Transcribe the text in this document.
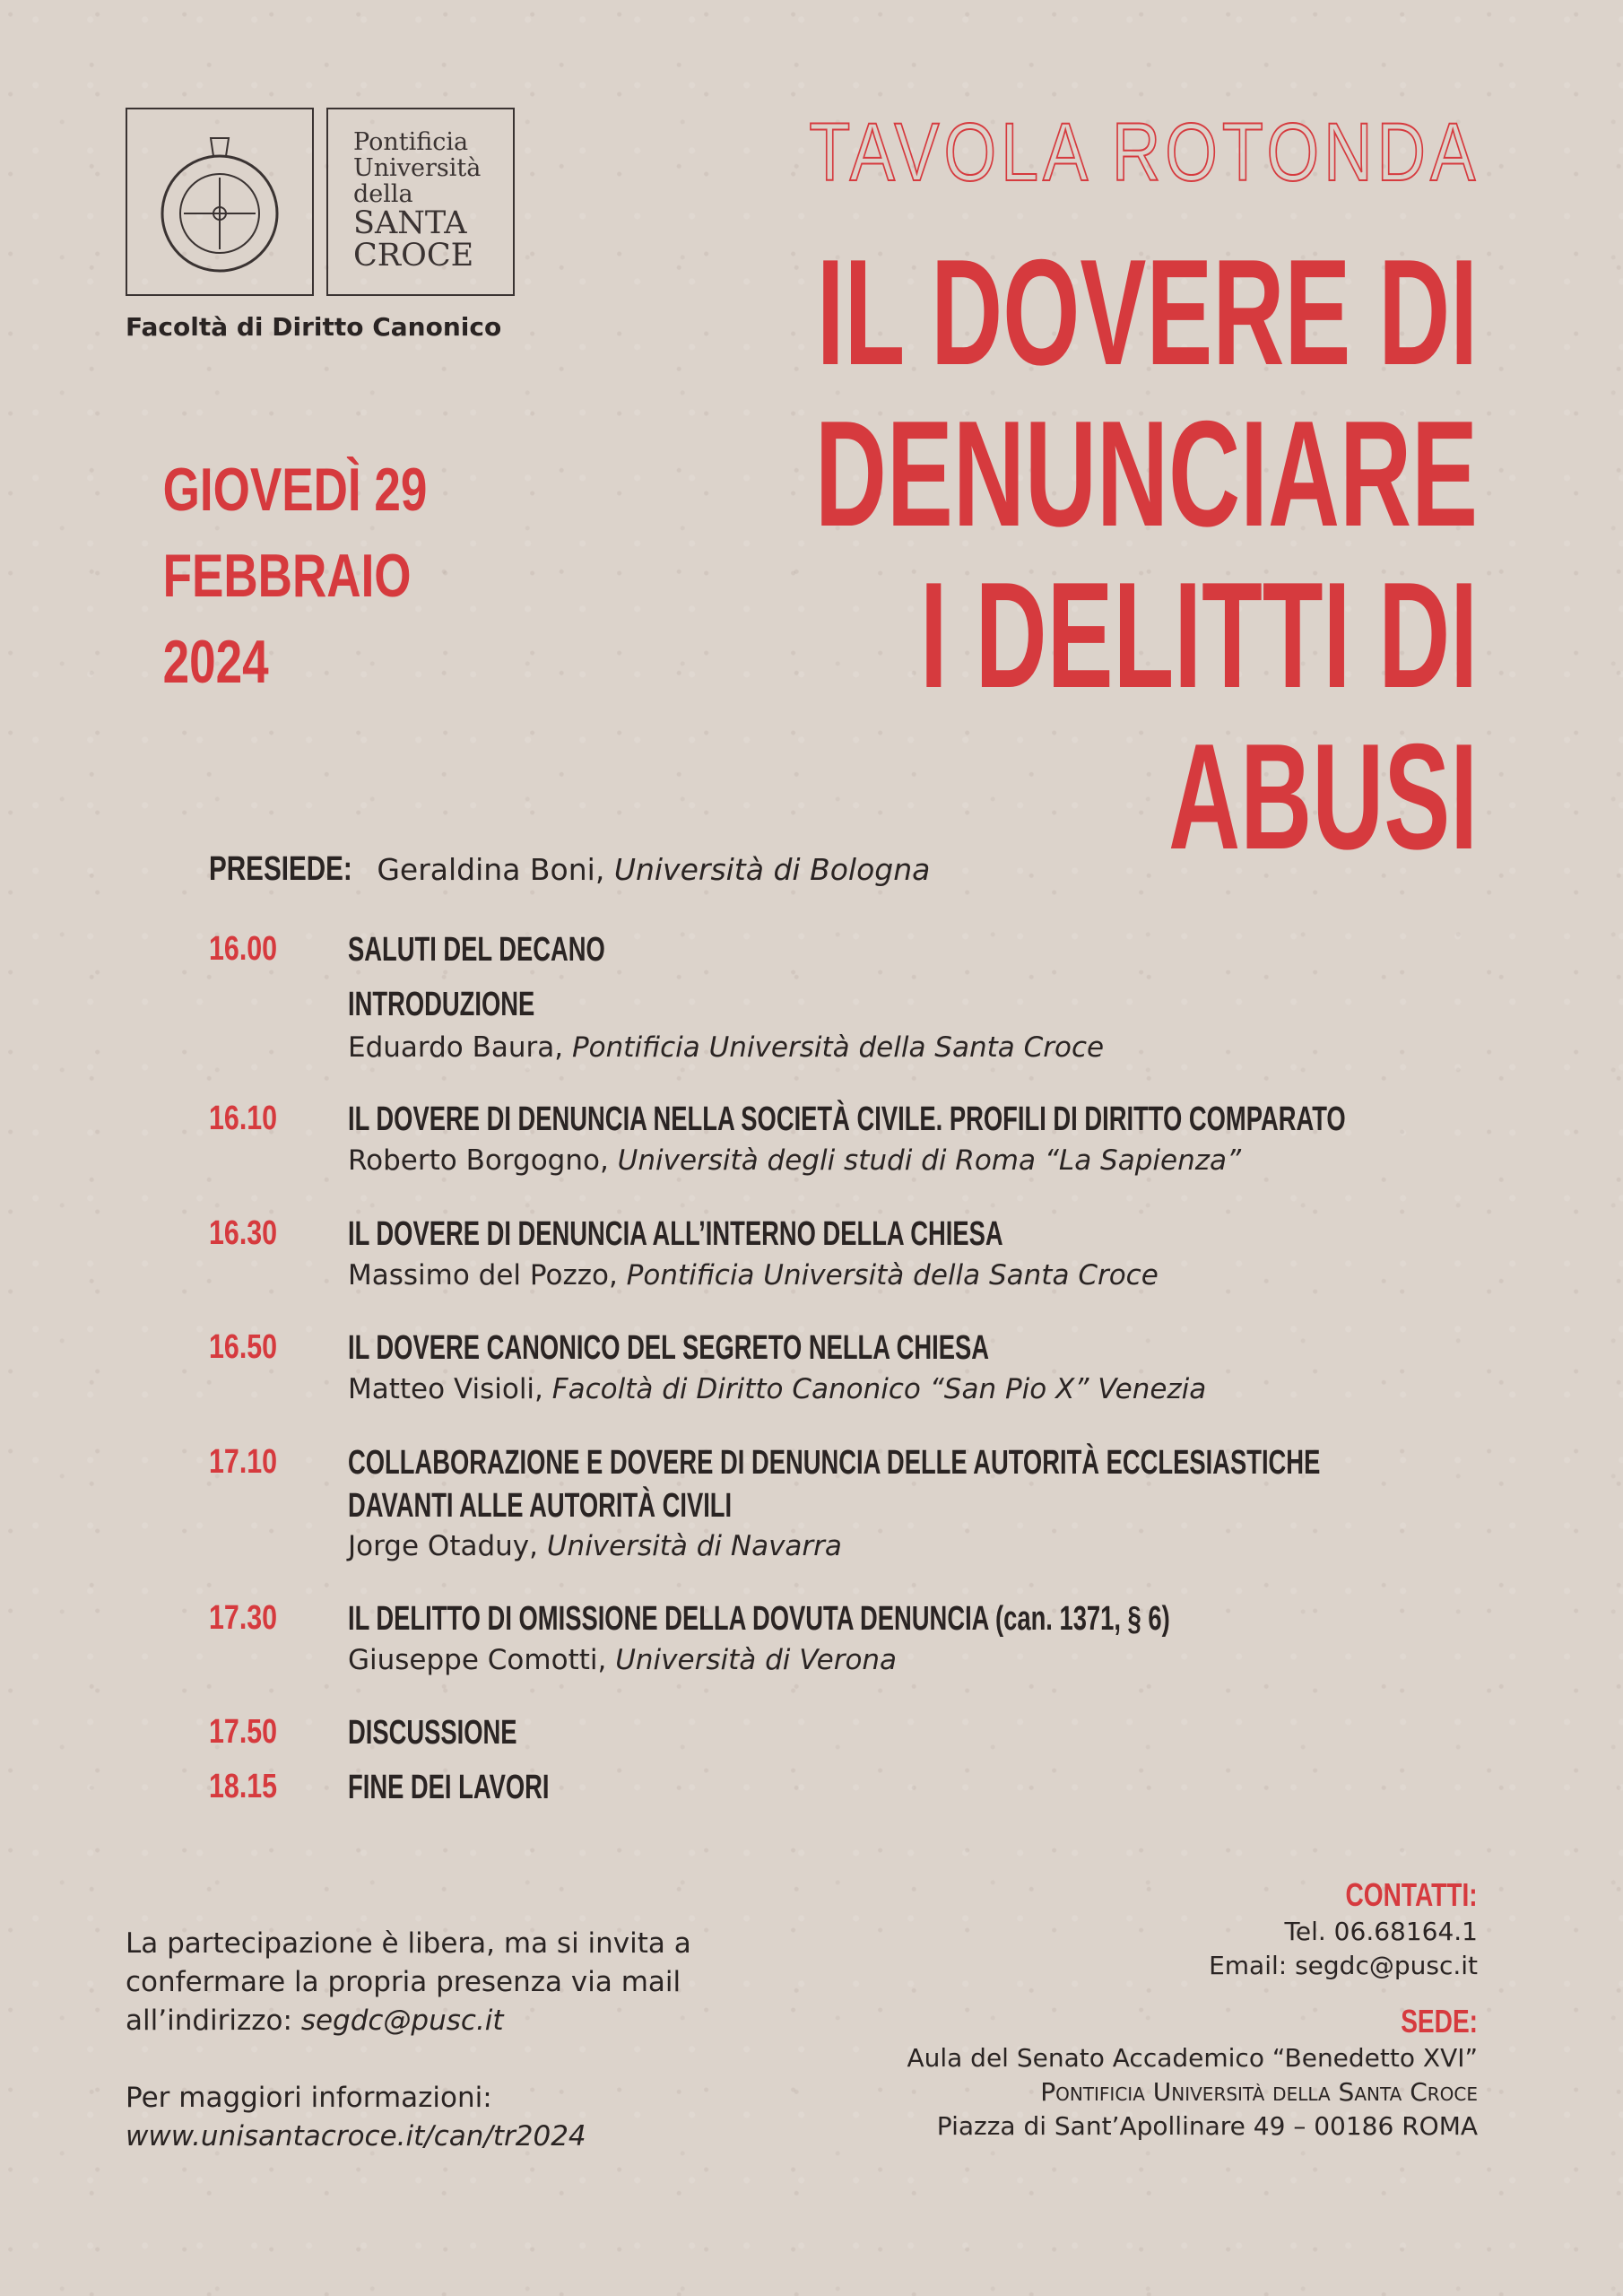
Pontificia
Università
della
SANTA
CROCE
Facoltà di Diritto Canonico
TAVOLA ROTONDA
IL DOVERE DI
DENUNCIARE
I DELITTI DI
ABUSI
GIOVEDÌ 29
FEBBRAIO
2024
PRESIEDE: Geraldina Boni, Università di Bologna
16.00 SALUTI DEL DECANO
INTRODUZIONE
Eduardo Baura, Pontificia Università della Santa Croce
16.10 IL DOVERE DI DENUNCIA NELLA SOCIETÀ CIVILE. PROFILI DI DIRITTO COMPARATO
Roberto Borgogno, Università degli studi di Roma “La Sapienza”
16.30 IL DOVERE DI DENUNCIA ALL’INTERNO DELLA CHIESA
Massimo del Pozzo, Pontificia Università della Santa Croce
16.50 IL DOVERE CANONICO DEL SEGRETO NELLA CHIESA
Matteo Visioli, Facoltà di Diritto Canonico “San Pio X” Venezia
17.10 COLLABORAZIONE E DOVERE DI DENUNCIA DELLE AUTORITÀ ECCLESIASTICHE
DAVANTI ALLE AUTORITÀ CIVILI
Jorge Otaduy, Università di Navarra
17.30 IL DELITTO DI OMISSIONE DELLA DOVUTA DENUNCIA (can. 1371, § 6)
Giuseppe Comotti, Università di Verona
17.50 DISCUSSIONE
18.15 FINE DEI LAVORI
La partecipazione è libera, ma si invita a
confermare la propria presenza via mail
all’indirizzo: segdc@pusc.it
Per maggiori informazioni:
www.unisantacroce.it/can/tr2024
CONTATTI:
Tel. 06.68164.1
Email: segdc@pusc.it
SEDE:
Aula del Senato Accademico “Benedetto XVI”
Pontificia Università della Santa Croce
Piazza di Sant’Apollinare 49 – 00186 ROMA
